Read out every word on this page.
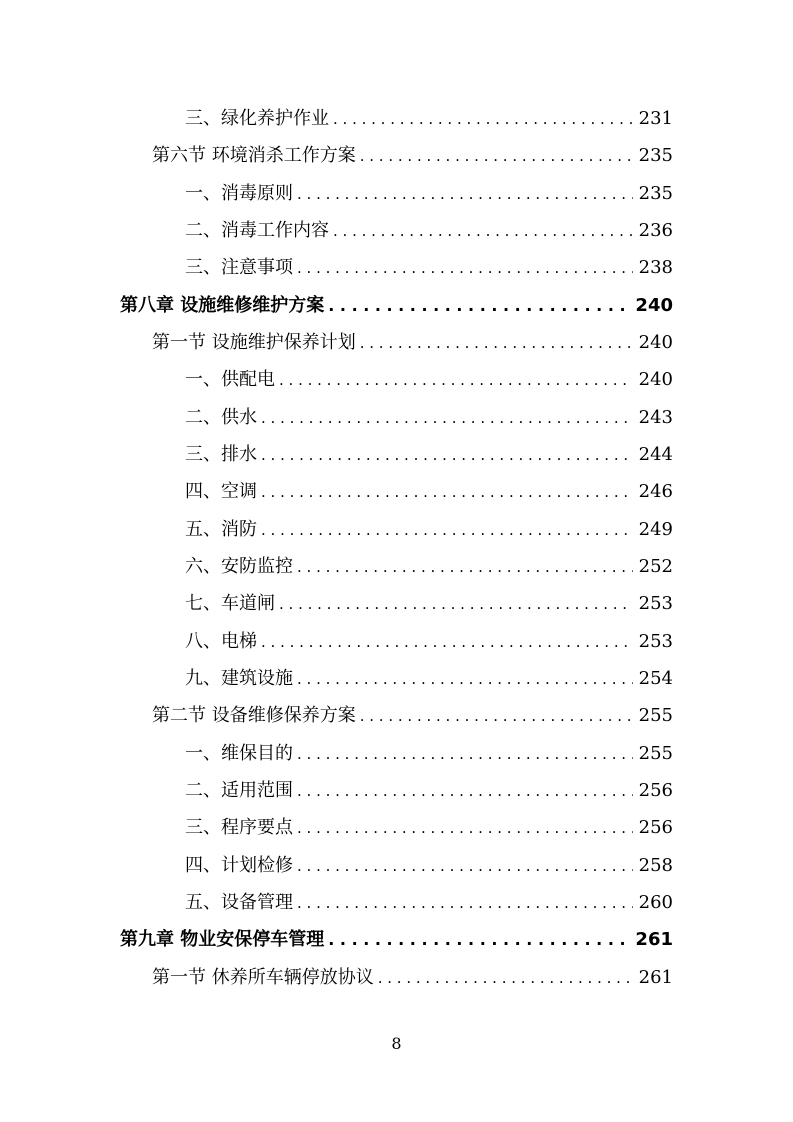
三、绿化养护作业 . . .	231
第六节 环境消杀工作方案 . . .	235
一、消毒原则 . . .	235
二、消毒工作内容 . . .	236
三、注意事项 . . .	238
第八章 设施维修维护方案 . . .	240
第一节 设施维护保养计划 . . .	240
一、供配电 . . .	240
二、供水 . . .	243
三、排水 . . .	244
四、空调 . . .	246
五、消防 . . .	249
六、安防监控 . . .	252
七、车道闸 . . .	253
八、电梯 . . .	253
九、建筑设施 . . .	254
第二节 设备维修保养方案 . . .	255
一、维保目的 . . .	255
二、适用范围 . . .	256
三、程序要点 . . .	256
四、计划检修 . . .	258
五、设备管理 . . .	260
第九章 物业安保停车管理 . . .	261
第一节 休养所车辆停放协议 . . .	261
8
